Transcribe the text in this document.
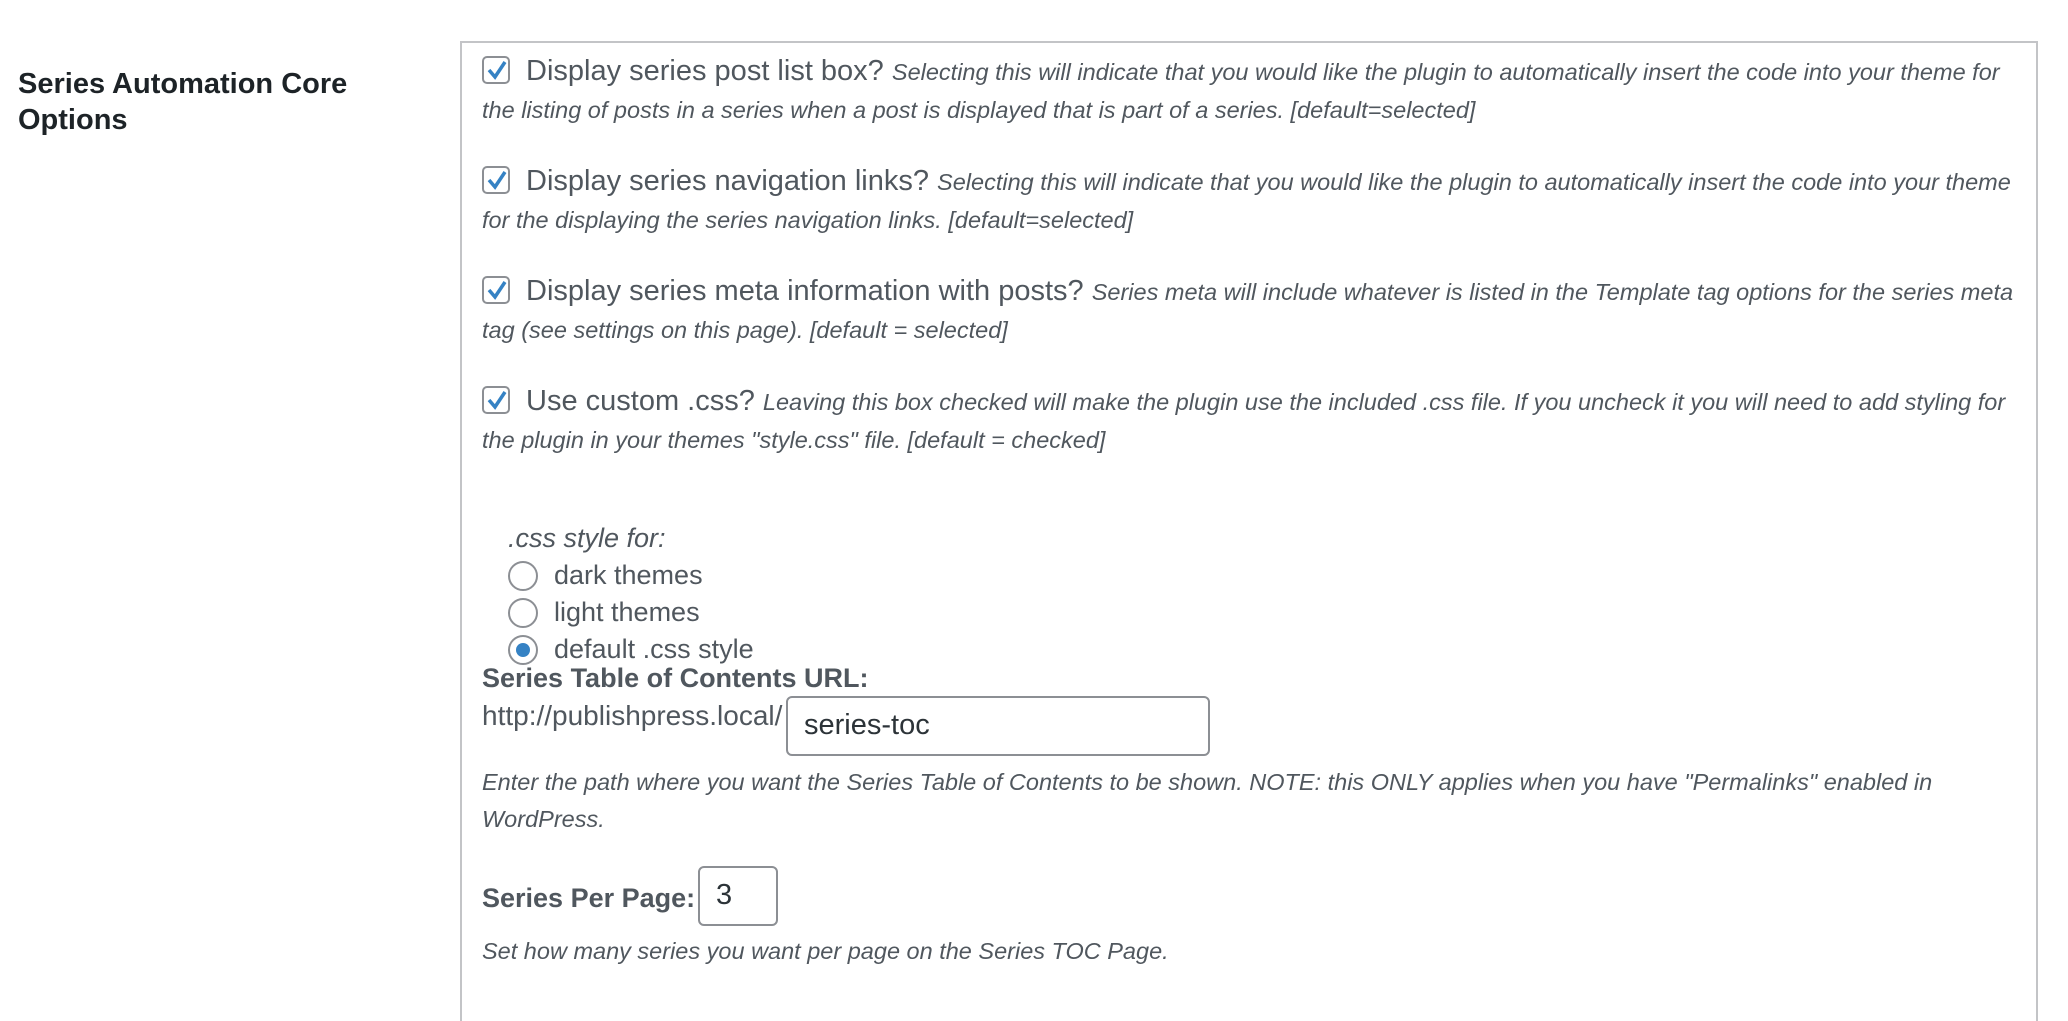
Series Automation Core Options
Display series post list box? Selecting this will indicate that you would like the plugin to automatically insert the code into your theme for the listing of posts in a series when a post is displayed that is part of a series. [default=selected]
Display series navigation links? Selecting this will indicate that you would like the plugin to automatically insert the code into your theme for the displaying the series navigation links. [default=selected]
Display series meta information with posts? Series meta will include whatever is listed in the Template tag options for the series meta tag (see settings on this page). [default = selected]
Use custom .css? Leaving this box checked will make the plugin use the included .css file. If you uncheck it you will need to add styling for the plugin in your themes "style.css" file. [default = checked]
.css style for:
dark themes
light themes
default .css style
Series Table of Contents URL:
http://publishpress.local/ series-toc
Enter the path where you want the Series Table of Contents to be shown. NOTE: this ONLY applies when you have "Permalinks" enabled in WordPress.
Series Per Page: 3
Set how many series you want per page on the Series TOC Page.
